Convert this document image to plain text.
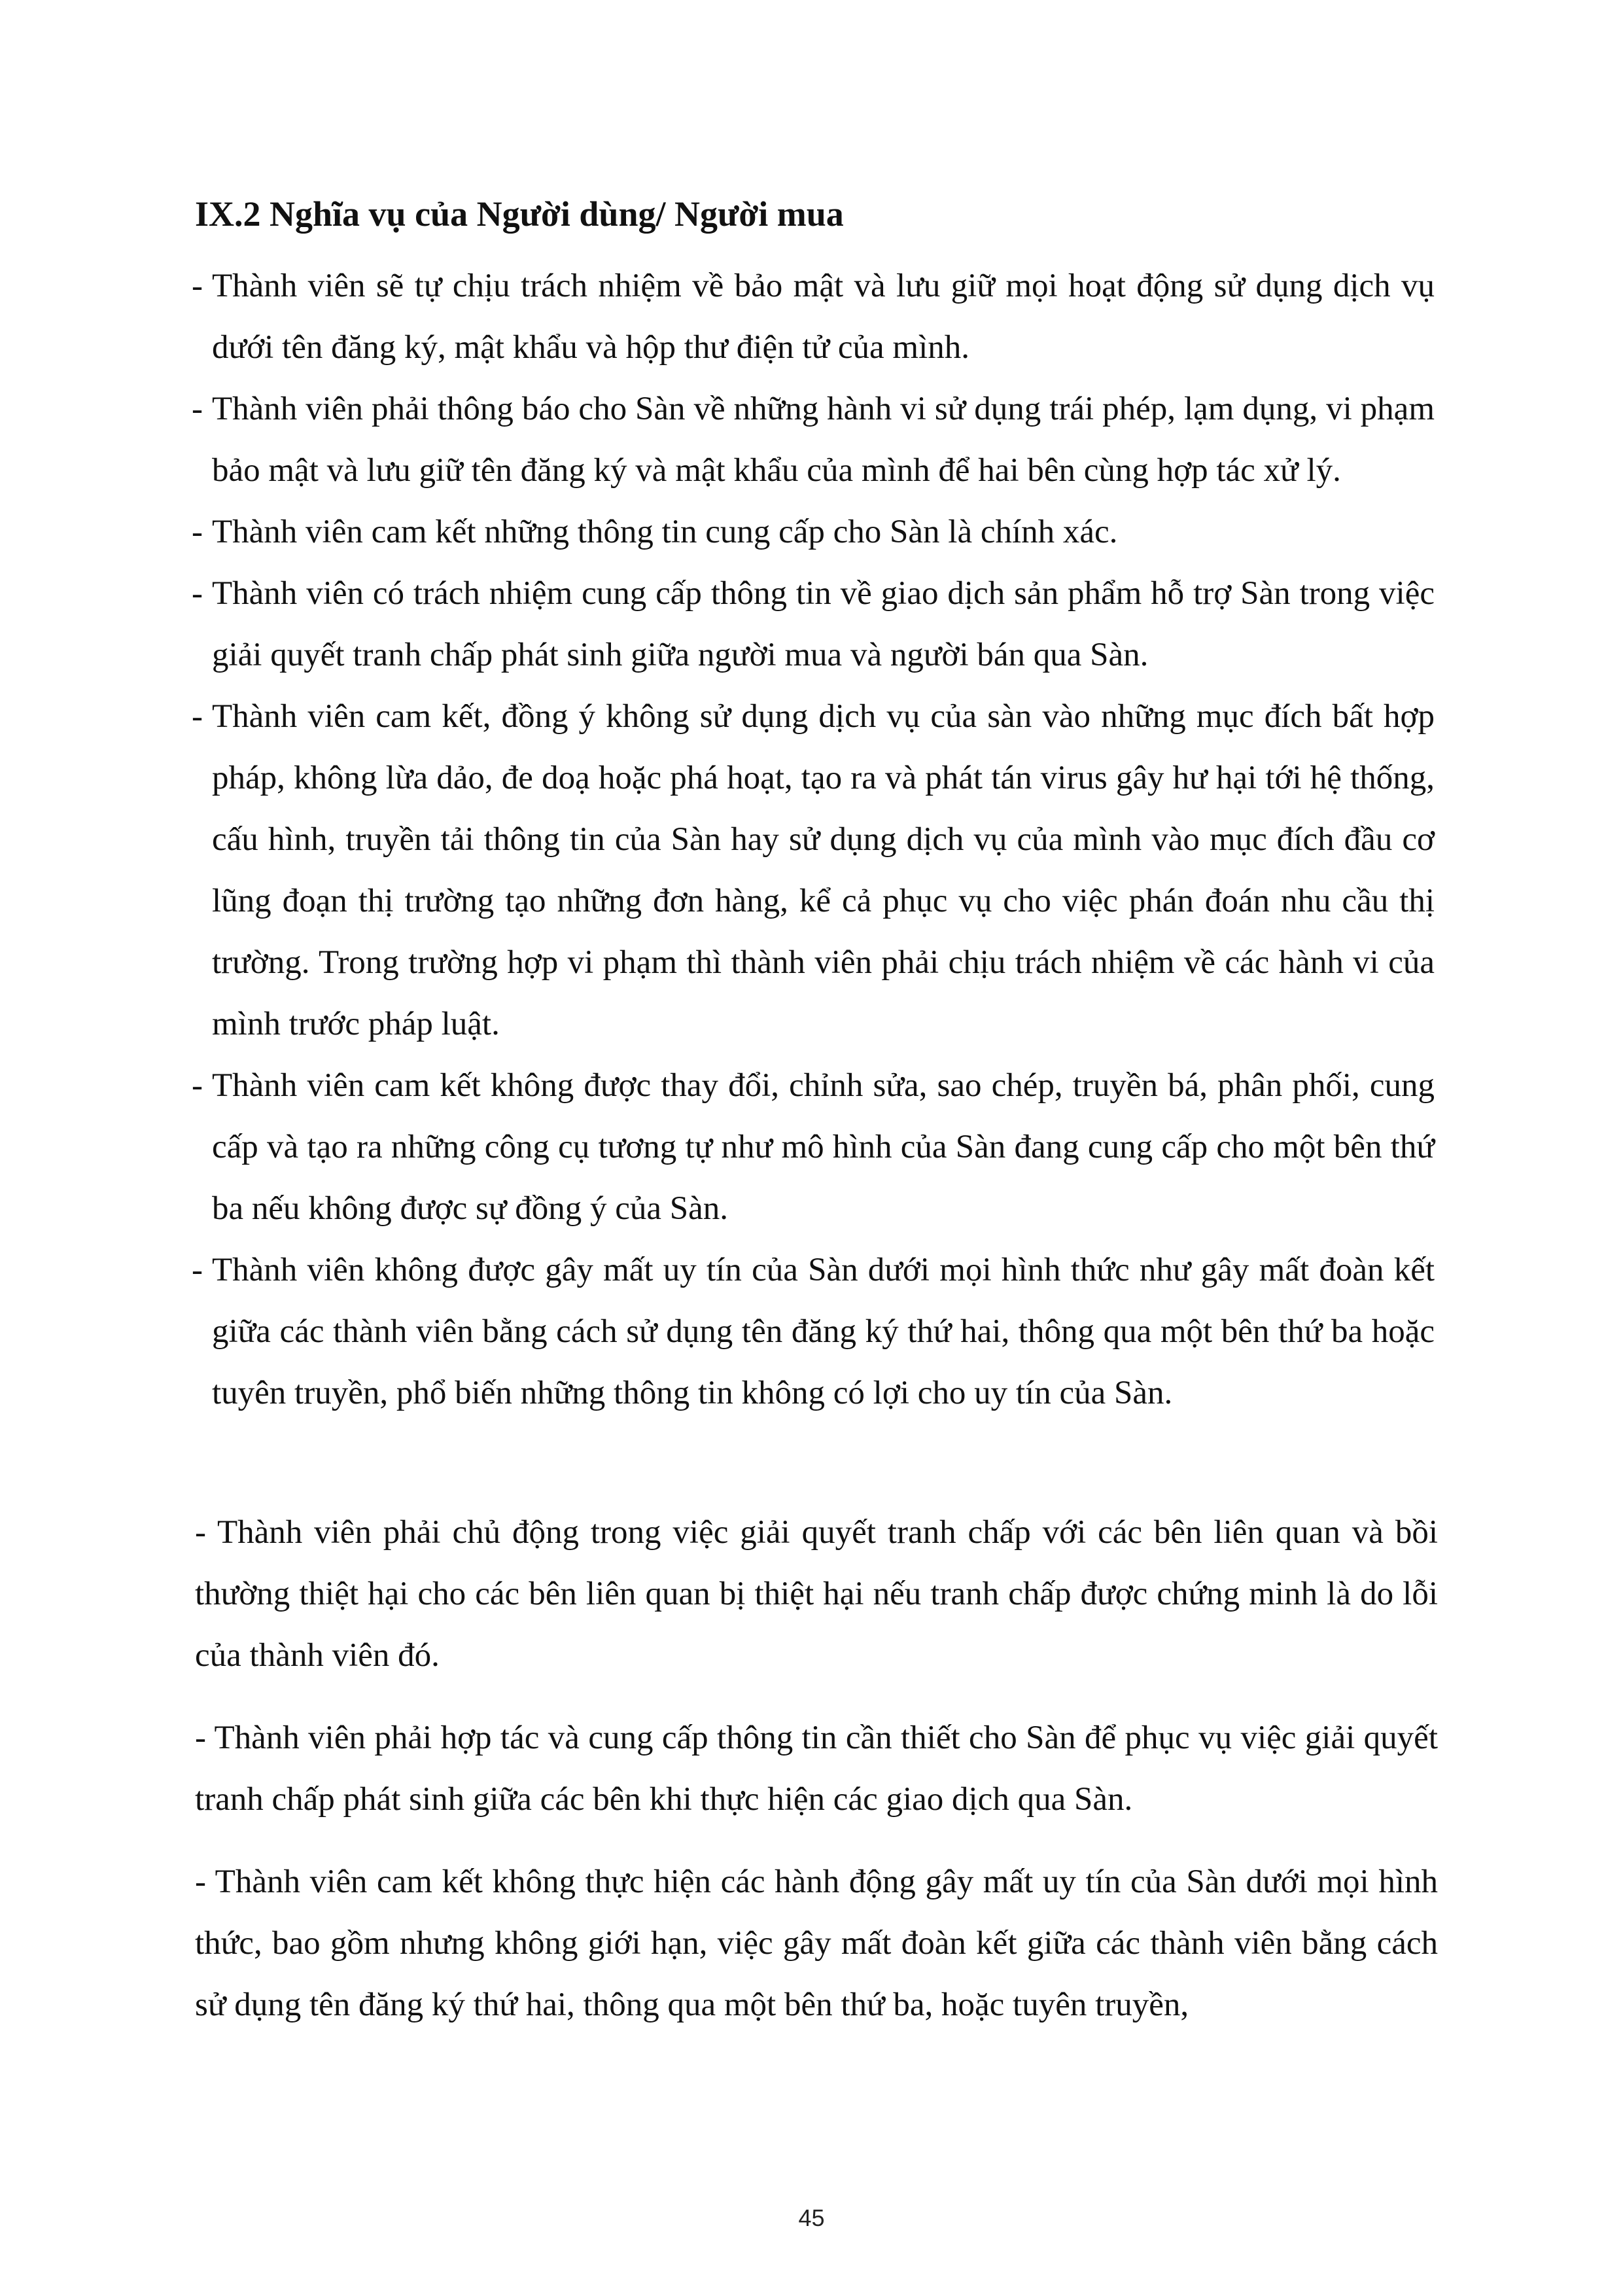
IX.2 Nghĩa vụ của Người dùng/ Người mua
- Thành viên sẽ tự chịu trách nhiệm về bảo mật và lưu giữ mọi hoạt động sử dụng dịch vụ dưới tên đăng ký, mật khẩu và hộp thư điện tử của mình.
- Thành viên phải thông báo cho Sàn về những hành vi sử dụng trái phép, lạm dụng, vi phạm bảo mật và lưu giữ tên đăng ký và mật khẩu của mình để hai bên cùng hợp tác xử lý.
- Thành viên cam kết những thông tin cung cấp cho Sàn là chính xác.
- Thành viên có trách nhiệm cung cấp thông tin về giao dịch sản phẩm hỗ trợ Sàn trong việc giải quyết tranh chấp phát sinh giữa người mua và người bán qua Sàn.
- Thành viên cam kết, đồng ý không sử dụng dịch vụ của sàn vào những mục đích bất hợp pháp, không lừa dảo, đe doạ hoặc phá hoạt, tạo ra và phát tán virus gây hư hại tới hệ thống, cấu hình, truyền tải thông tin của Sàn hay sử dụng dịch vụ của mình vào mục đích đầu cơ lũng đoạn thị trường tạo những đơn hàng, kể cả phục vụ cho việc phán đoán nhu cầu thị trường. Trong trường hợp vi phạm thì thành viên phải chịu trách nhiệm về các hành vi của mình trước pháp luật.
- Thành viên cam kết không được thay đổi, chỉnh sửa, sao chép, truyền bá, phân phối, cung cấp và tạo ra những công cụ tương tự như mô hình của Sàn đang cung cấp cho một bên thứ ba nếu không được sự đồng ý của Sàn.
- Thành viên không được gây mất uy tín của Sàn dưới mọi hình thức như gây mất đoàn kết giữa các thành viên bằng cách sử dụng tên đăng ký thứ hai, thông qua một bên thứ ba hoặc tuyên truyền, phổ biến những thông tin không có lợi cho uy tín của Sàn.

- Thành viên phải chủ động trong việc giải quyết tranh chấp với các bên liên quan và bồi thường thiệt hại cho các bên liên quan bị thiệt hại nếu tranh chấp được chứng minh là do lỗi của thành viên đó.

- Thành viên phải hợp tác và cung cấp thông tin cần thiết cho Sàn để phục vụ việc giải quyết tranh chấp phát sinh giữa các bên khi thực hiện các giao dịch qua Sàn.

- Thành viên cam kết không thực hiện các hành động gây mất uy tín của Sàn dưới mọi hình thức, bao gồm nhưng không giới hạn, việc gây mất đoàn kết giữa các thành viên bằng cách sử dụng tên đăng ký thứ hai, thông qua một bên thứ ba, hoặc tuyên truyền,

45
